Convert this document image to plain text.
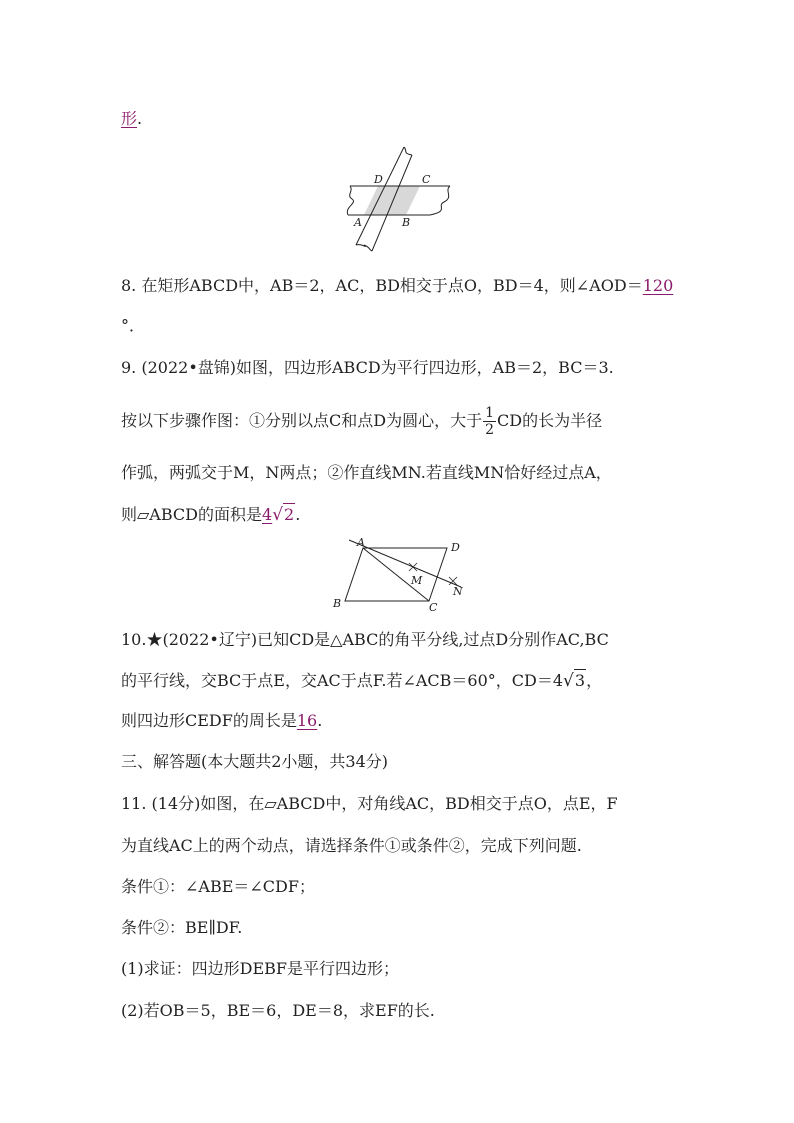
形.
D	C
A	B
8. 在矩形ABCD中，AB＝2，AC，BD相交于点O，BD＝4，则∠AOD＝120
°．
9. (2022•盘锦)如图，四边形ABCD为平行四边形，AB＝2，BC＝3.
按以下步骤作图：①分别以点C和点D为圆心，大于 $\frac{1}{2}$ CD的长为半径
作弧，两弧交于M，N两点；②作直线MN.若直线MN恰好经过点A，
则▱ABCD的面积是4√2.
A	D
M
N
B	C
10.★(2022•辽宁)已知CD是△ABC的角平分线,过点D分别作AC,BC
的平行线，交BC于点E，交AC于点F.若∠ACB＝60°，CD＝4√3，
则四边形CEDF的周长是16.
三、解答题(本大题共2小题，共34分)
11. (14分)如图，在▱ABCD中，对角线AC，BD相交于点O，点E，F
为直线AC上的两个动点，请选择条件①或条件②，完成下列问题.
条件①：∠ABE＝∠CDF；
条件②：BE∥DF.
(1)求证：四边形DEBF是平行四边形；
(2)若OB＝5，BE＝6，DE＝8，求EF的长.
